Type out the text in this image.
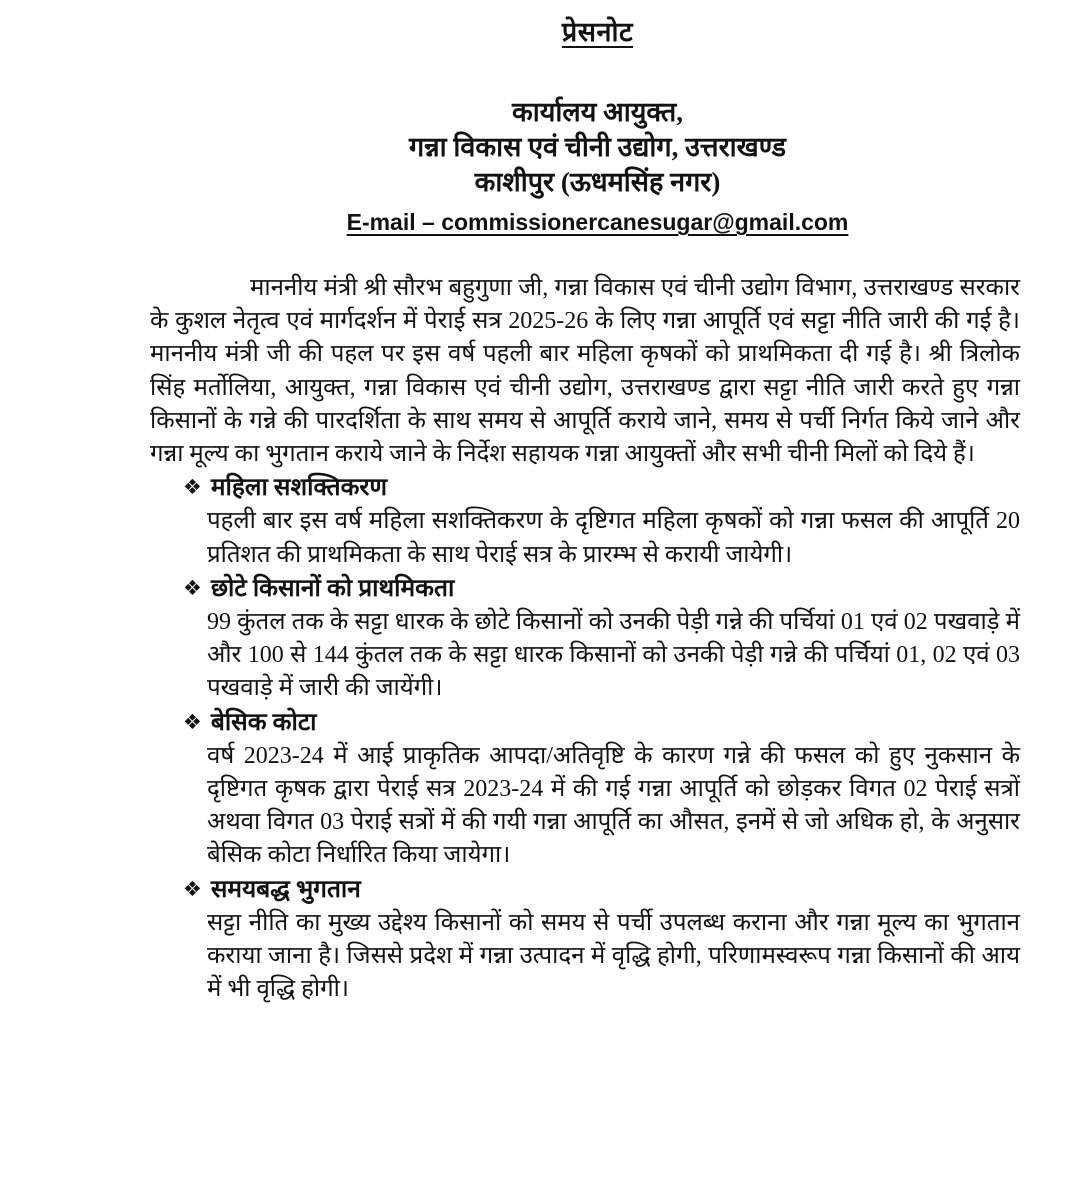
प्रेसनोट
कार्यालय आयुक्त,
गन्ना विकास एवं चीनी उद्योग, उत्तराखण्ड
काशीपुर (ऊधमसिंह नगर)
E-mail – commissionercanesugar@gmail.com

माननीय मंत्री श्री सौरभ बहुगुणा जी, गन्ना विकास एवं चीनी उद्योग विभाग, उत्तराखण्ड सरकार के कुशल नेतृत्व एवं मार्गदर्शन में पेराई सत्र 2025-26 के लिए गन्ना आपूर्ति एवं सट्टा नीति जारी की गई है। माननीय मंत्री जी की पहल पर इस वर्ष पहली बार महिला कृषकों को प्राथमिकता दी गई है। श्री त्रिलोक सिंह मर्तोलिया, आयुक्त, गन्ना विकास एवं चीनी उद्योग, उत्तराखण्ड द्वारा सट्टा नीति जारी करते हुए गन्ना किसानों के गन्ने की पारदर्शिता के साथ समय से आपूर्ति कराये जाने, समय से पर्ची निर्गत किये जाने और गन्ना मूल्य का भुगतान कराये जाने के निर्देश सहायक गन्ना आयुक्तों और सभी चीनी मिलों को दिये हैं।

❖ महिला सशक्तिकरण
पहली बार इस वर्ष महिला सशक्तिकरण के दृष्टिगत महिला कृषकों को गन्ना फसल की आपूर्ति 20 प्रतिशत की प्राथमिकता के साथ पेराई सत्र के प्रारम्भ से करायी जायेगी।
❖ छोटे किसानों को प्राथमिकता
99 कुंतल तक के सट्टा धारक के छोटे किसानों को उनकी पेड़ी गन्ने की पर्चियां 01 एवं 02 पखवाड़े में और 100 से 144 कुंतल तक के सट्टा धारक किसानों को उनकी पेड़ी गन्ने की पर्चियां 01, 02 एवं 03 पखवाड़े में जारी की जायेंगी।
❖ बेसिक कोटा
वर्ष 2023-24 में आई प्राकृतिक आपदा/अतिवृष्टि के कारण गन्ने की फसल को हुए नुकसान के दृष्टिगत कृषक द्वारा पेराई सत्र 2023-24 में की गई गन्ना आपूर्ति को छोड़कर विगत 02 पेराई सत्रों अथवा विगत 03 पेराई सत्रों में की गयी गन्ना आपूर्ति का औसत, इनमें से जो अधिक हो, के अनुसार बेसिक कोटा निर्धारित किया जायेगा।
❖ समयबद्ध भुगतान
सट्टा नीति का मुख्य उद्देश्य किसानों को समय से पर्ची उपलब्ध कराना और गन्ना मूल्य का भुगतान कराया जाना है। जिससे प्रदेश में गन्ना उत्पादन में वृद्धि होगी, परिणामस्वरूप गन्ना किसानों की आय में भी वृद्धि होगी।
